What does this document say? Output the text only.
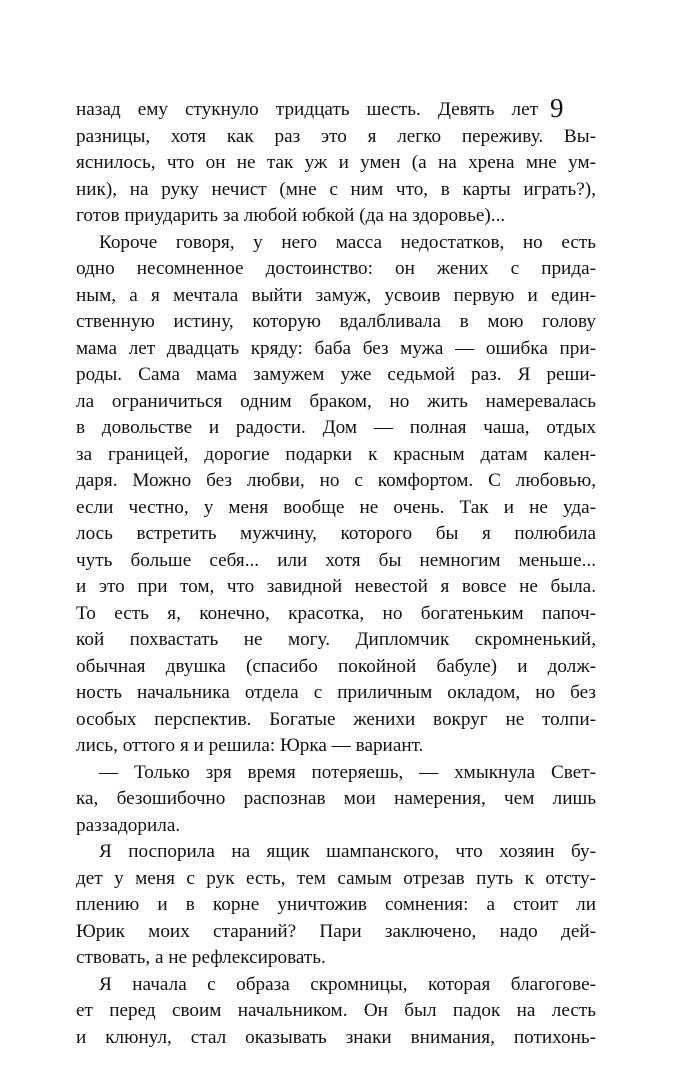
9
назад ему стукнуло тридцать шесть. Девять лет
разницы, хотя как раз это я легко переживу. Вы-
яснилось, что он не так уж и умен (а на хрена мне ум-
ник), на руку нечист (мне с ним что, в карты играть?),
готов приударить за любой юбкой (да на здоровье)...
Короче говоря, у него масса недостатков, но есть
одно несомненное достоинство: он жених с прида-
ным, а я мечтала выйти замуж, усвоив первую и един-
ственную истину, которую вдалбливала в мою голову
мама лет двадцать кряду: баба без мужа — ошибка при-
роды. Сама мама замужем уже седьмой раз. Я реши-
ла ограничиться одним браком, но жить намеревалась
в довольстве и радости. Дом — полная чаша, отдых
за границей, дорогие подарки к красным датам кален-
даря. Можно без любви, но с комфортом. С любовью,
если честно, у меня вообще не очень. Так и не уда-
лось встретить мужчину, которого бы я полюбила
чуть больше себя... или хотя бы немногим меньше...
и это при том, что завидной невестой я вовсе не была.
То есть я, конечно, красотка, но богатеньким папоч-
кой похвастать не могу. Дипломчик скромненький,
обычная двушка (спасибо покойной бабуле) и долж-
ность начальника отдела с приличным окладом, но без
особых перспектив. Богатые женихи вокруг не толпи-
лись, оттого я и решила: Юрка — вариант.
— Только зря время потеряешь, — хмыкнула Свет-
ка, безошибочно распознав мои намерения, чем лишь
раззадорила.
Я поспорила на ящик шампанского, что хозяин бу-
дет у меня с рук есть, тем самым отрезав путь к отсту-
плению и в корне уничтожив сомнения: а стоит ли
Юрик моих стараний? Пари заключено, надо дей-
ствовать, а не рефлексировать.
Я начала с образа скромницы, которая благогове-
ет перед своим начальником. Он был падок на лесть
и клюнул, стал оказывать знаки внимания, потихонь-
